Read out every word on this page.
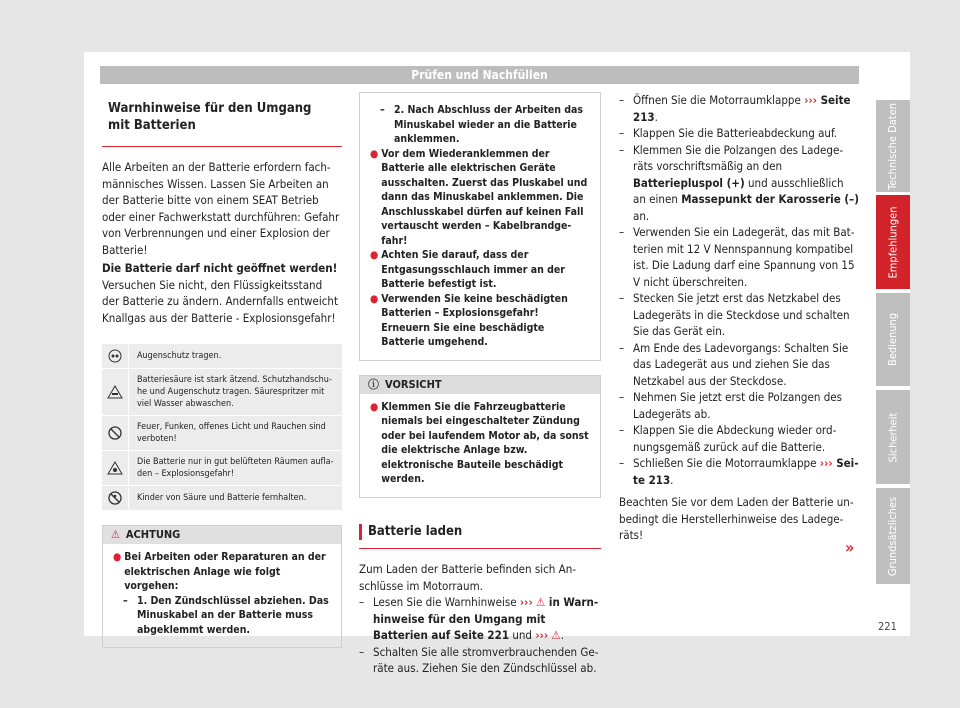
Prüfen und Nachfüllen
Warnhinweise für den Umgang mit Batterien

Alle Arbeiten an der Batterie erfordern fachmännisches Wissen. Lassen Sie Arbeiten an der Batterie bitte von einem SEAT Betrieb oder einer Fachwerkstatt durchführen: Gefahr von Verbrennungen und einer Explosion der Batterie!

Die Batterie darf nicht geöffnet werden! Versuchen Sie nicht, den Flüssigkeitsstand der Batterie zu ändern. Andernfalls entweicht Knallgas aus der Batterie - Explosionsgefahr!

Augenschutz tragen.
Batteriesäure ist stark ätzend. Schutzhandschuhe und Augenschutz tragen. Säurespritzer mit viel Wasser abwaschen.
Feuer, Funken, offenes Licht und Rauchen sind verboten!
Die Batterie nur in gut belüfteten Räumen aufladen – Explosionsgefahr!
Kinder von Säure und Batterie fernhalten.
⚠ ACHTUNG
● Bei Arbeiten oder Reparaturen an der elektrischen Anlage wie folgt vorgehen:
– 1. Den Zündschlüssel abziehen. Das Minuskabel an der Batterie muss abgeklemmt werden.
– 2. Nach Abschluss der Arbeiten das Minuskabel wieder an die Batterie anklemmen.
● Vor dem Wiederanklemmen der Batterie alle elektrischen Geräte ausschalten. Zuerst das Pluskabel und dann das Minuskabel anklemmen. Die Anschlusskabel dürfen auf keinen Fall vertauscht werden – Kabelbrandgefahr!
● Achten Sie darauf, dass der Entgasungsschlauch immer an der Batterie befestigt ist.
● Verwenden Sie keine beschädigten Batterien – Explosionsgefahr! Erneuern Sie eine beschädigte Batterie umgehend.
ⓘ VORSICHT
● Klemmen Sie die Fahrzeugbatterie niemals bei eingeschalteter Zündung oder bei laufendem Motor ab, da sonst die elektrische Anlage bzw. elektronische Bauteile beschädigt werden.
Batterie laden

Zum Laden der Batterie befinden sich Anschlüsse im Motorraum.

– Lesen Sie die Warnhinweise ››› ⚠ in Warnhinweise für den Umgang mit Batterien auf Seite 221 und ››› ⚠.
– Schalten Sie alle stromverbrauchenden Geräte aus. Ziehen Sie den Zündschlüssel ab.
– Öffnen Sie die Motorraumklappe ››› Seite 213.
– Klappen Sie die Batterieabdeckung auf.
– Klemmen Sie die Polzangen des Ladegeräts vorschriftsmäßig an den Batteriepluspol (+) und ausschließlich an einen Massepunkt der Karosserie (–) an.
– Verwenden Sie ein Ladegerät, das mit Batterien mit 12 V Nennspannung kompatibel ist. Die Ladung darf eine Spannung von 15 V nicht überschreiten.
– Stecken Sie jetzt erst das Netzkabel des Ladegeräts in die Steckdose und schalten Sie das Gerät ein.
– Am Ende des Ladevorgangs: Schalten Sie das Ladegerät aus und ziehen Sie das Netzkabel aus der Steckdose.
– Nehmen Sie jetzt erst die Polzangen des Ladegeräts ab.
– Klappen Sie die Abdeckung wieder ordnungsgemäß zurück auf die Batterie.
– Schließen Sie die Motorraumklappe ››› Seite 213.

Beachten Sie vor dem Laden der Batterie unbedingt die Herstellerhinweise des Ladegeräts!

»
Technische Daten
Empfehlungen
Bedienung
Sicherheit
Grundsätzliches
221
